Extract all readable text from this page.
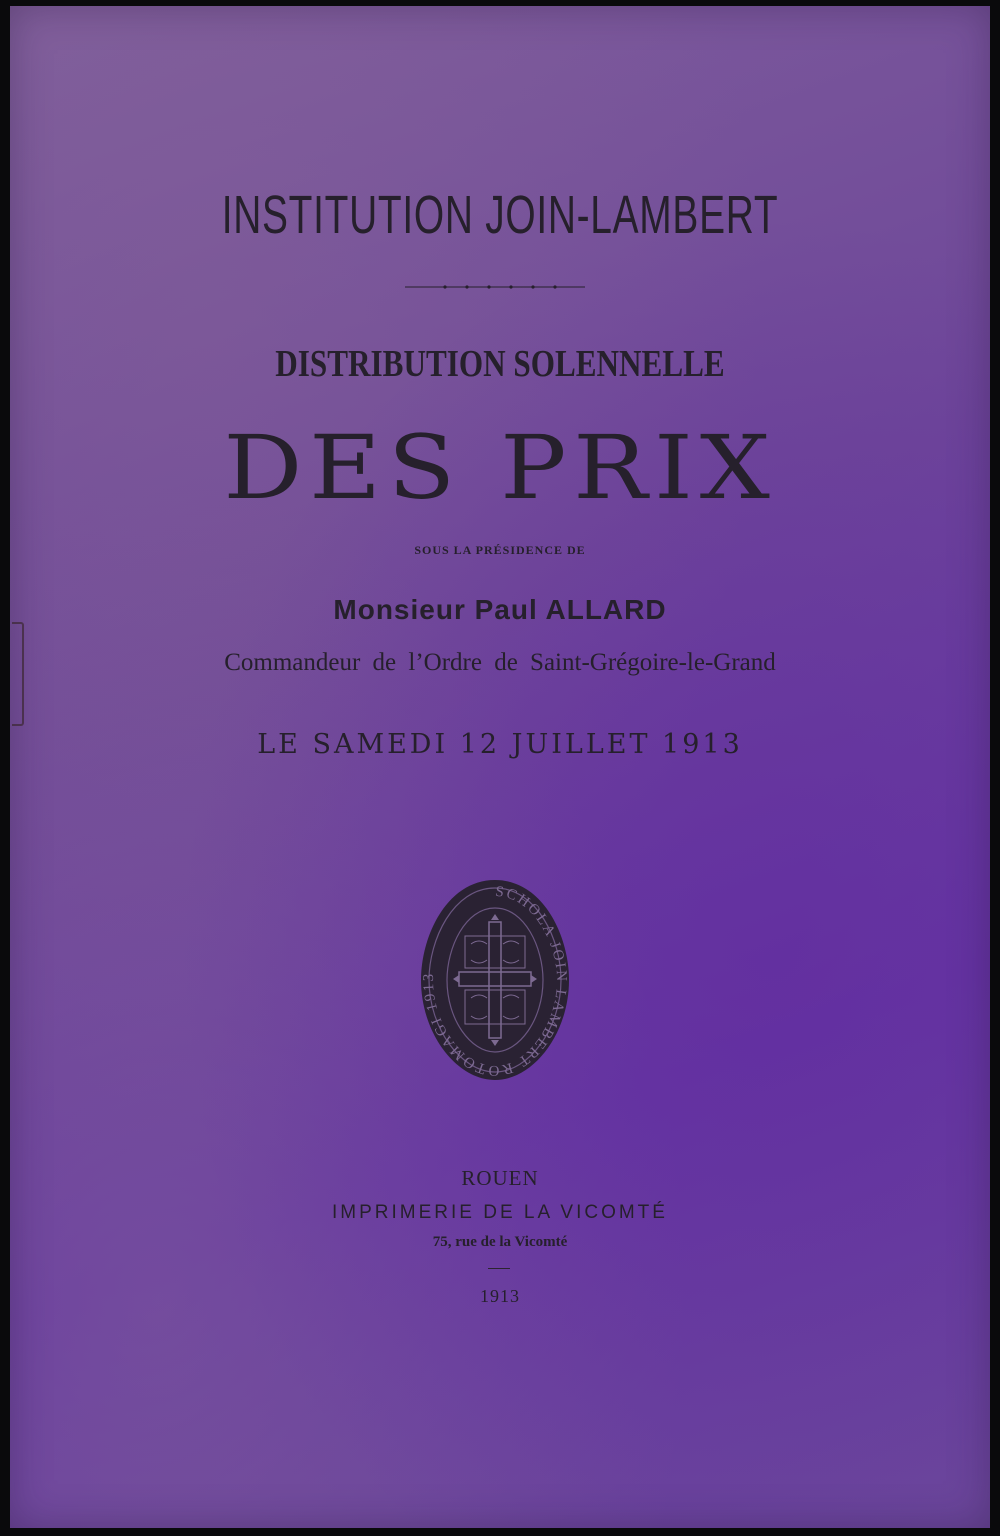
INSTITUTION JOIN-LAMBERT
DISTRIBUTION SOLENNELLE
DES PRIX
SOUS LA PRÉSIDENCE DE
Monsieur Paul ALLARD
Commandeur de l’Ordre de Saint-Grégoire-le-Grand
LE SAMEDI 12 JUILLET 1913
SCHOLA JOIN LAMBERT ROTOMAGI 1913
ROUEN
IMPRIMERIE DE LA VICOMTÉ
75, rue de la Vicomté
1913
